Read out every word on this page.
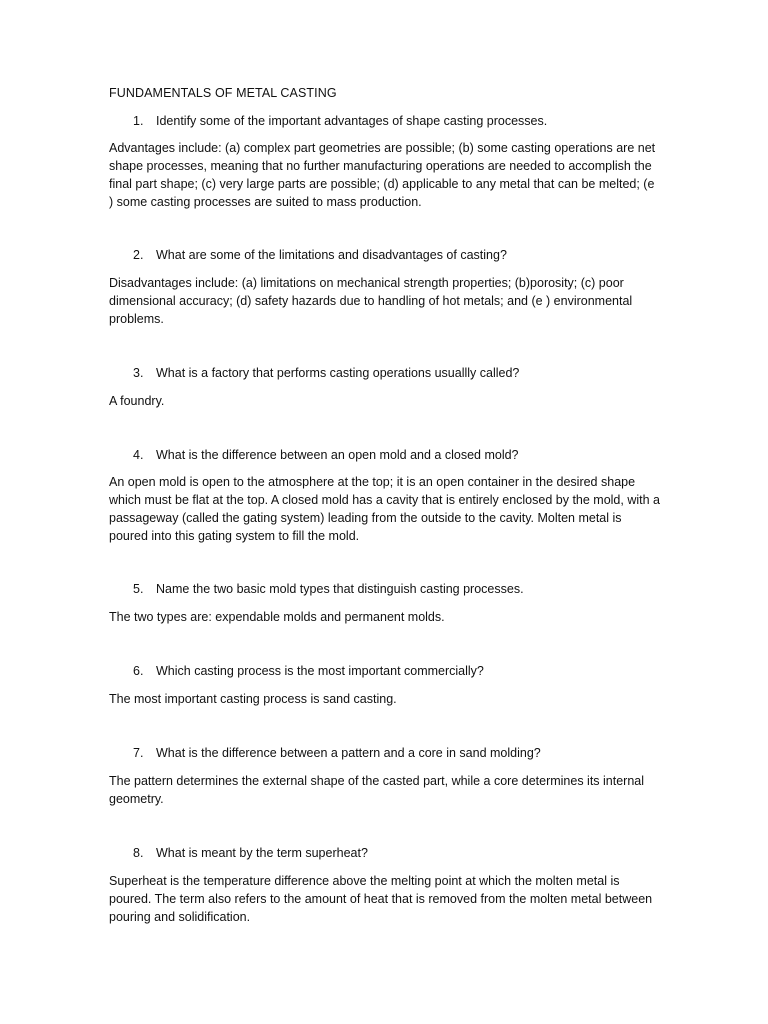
FUNDAMENTALS OF METAL CASTING

1. Identify some of the important advantages of shape casting processes.

Advantages include: (a) complex part geometries are possible; (b) some casting operations are net shape processes, meaning that no further manufacturing operations are needed to accomplish the final part shape; (c) very large parts are possible; (d) applicable to any metal that can be melted; (e ) some casting processes are suited to mass production.

2. What are some of the limitations and disadvantages of casting?

Disadvantages include: (a) limitations on mechanical strength properties; (b)porosity; (c) poor dimensional accuracy; (d) safety hazards due to handling of hot metals; and (e ) environmental problems.

3. What is a factory that performs casting operations usuallly called?

A foundry.

4. What is the difference between an open mold and a closed mold?

An open mold is open to the atmosphere at the top; it is an open container in the desired shape which must be flat at the top. A closed mold has a cavity that is entirely enclosed by the mold, with a passageway (called the gating system) leading from the outside to the cavity. Molten metal is poured into this gating system to fill the mold.

5. Name the two basic mold types that distinguish casting processes.

The two types are: expendable molds and permanent molds.

6. Which casting process is the most important commercially?

The most important casting process is sand casting.

7. What is the difference between a pattern and a core in sand molding?

The pattern determines the external shape of the casted part, while a core determines its internal geometry.

8. What is meant by the term superheat?

Superheat is the temperature difference above the melting point at which the molten metal is poured. The term also refers to the amount of heat that is removed from the molten metal between pouring and solidification.
